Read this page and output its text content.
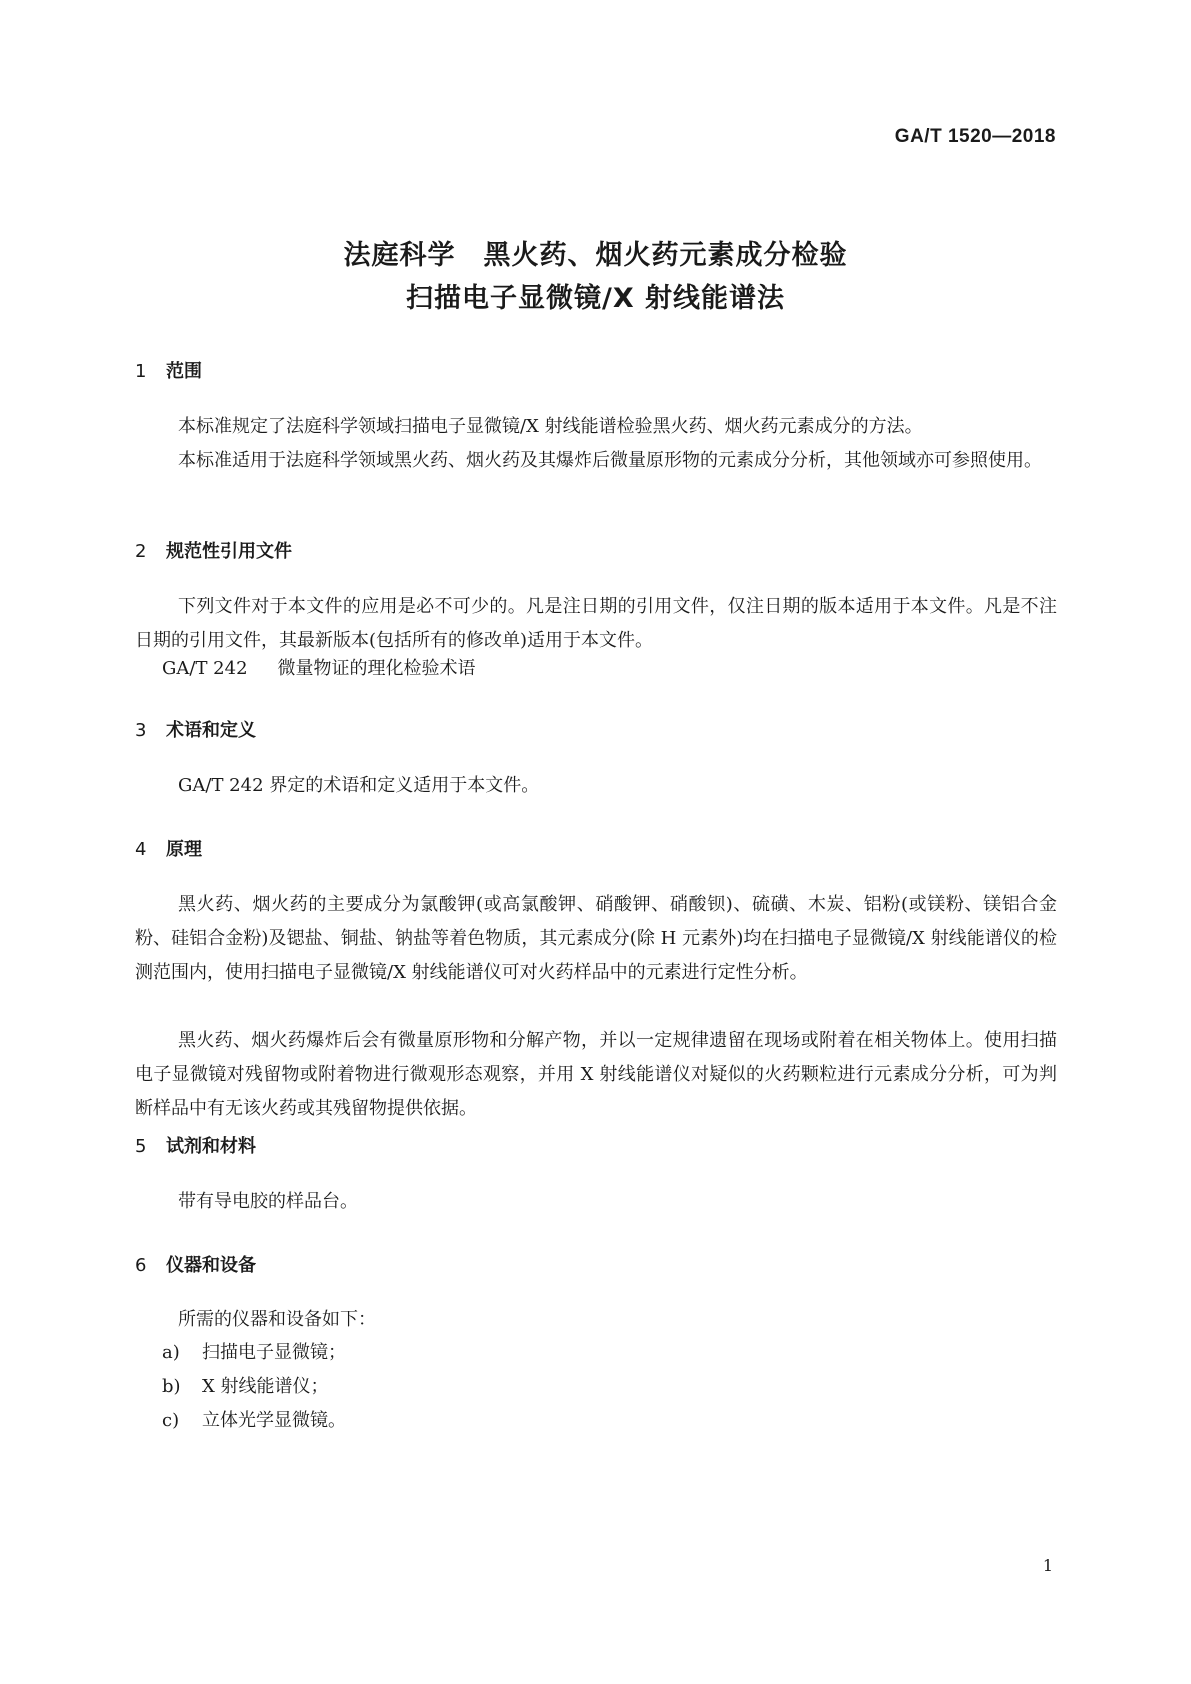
GA/T 1520—2018
法庭科学　黑火药、烟火药元素成分检验
扫描电子显微镜/X 射线能谱法
1 范围
本标准规定了法庭科学领域扫描电子显微镜/X 射线能谱检验黑火药、烟火药元素成分的方法。
本标准适用于法庭科学领域黑火药、烟火药及其爆炸后微量原形物的元素成分分析，其他领域亦可参照使用。
2 规范性引用文件
下列文件对于本文件的应用是必不可少的。凡是注日期的引用文件，仅注日期的版本适用于本文件。凡是不注日期的引用文件，其最新版本(包括所有的修改单)适用于本文件。
GA/T 242 微量物证的理化检验术语
3 术语和定义
GA/T 242 界定的术语和定义适用于本文件。
4 原理
黑火药、烟火药的主要成分为氯酸钾(或高氯酸钾、硝酸钾、硝酸钡)、硫磺、木炭、铝粉(或镁粉、镁铝合金粉、硅铝合金粉)及锶盐、铜盐、钠盐等着色物质，其元素成分(除 H 元素外)均在扫描电子显微镜/X 射线能谱仪的检测范围内，使用扫描电子显微镜/X 射线能谱仪可对火药样品中的元素进行定性分析。
黑火药、烟火药爆炸后会有微量原形物和分解产物，并以一定规律遗留在现场或附着在相关物体上。使用扫描电子显微镜对残留物或附着物进行微观形态观察，并用 X 射线能谱仪对疑似的火药颗粒进行元素成分分析，可为判断样品中有无该火药或其残留物提供依据。
5 试剂和材料
带有导电胶的样品台。
6 仪器和设备
所需的仪器和设备如下：
a) 扫描电子显微镜；
b) X 射线能谱仪；
c) 立体光学显微镜。
1
